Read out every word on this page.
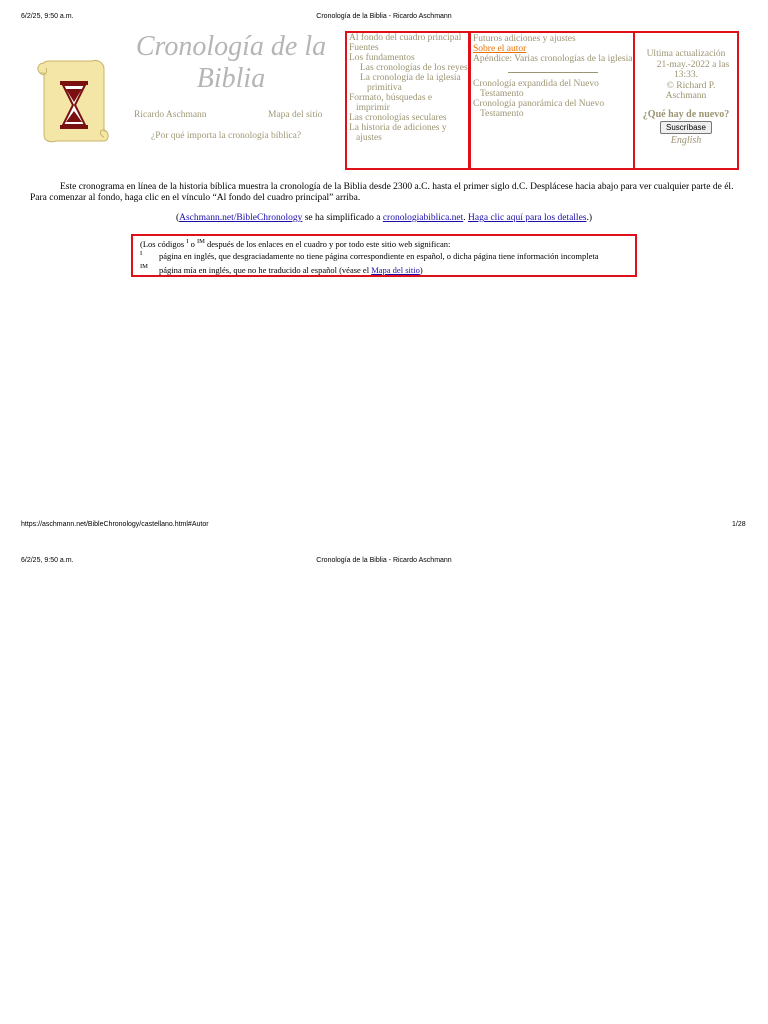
6/2/25, 9:50 a.m.	Cronología de la Biblia - Ricardo Aschmann
Cronología de la
Biblia
Ricardo Aschmann	Mapa del sitio
¿Por qué importa la cronología bíblica?
Al fondo del cuadro principal
Fuentes
Los fundamentos
Las cronologías de los reyes
La cronología de la iglesia primitiva
Formato, búsquedas e imprimir
Las cronologías seculares
La historia de adiciones y ajustes
Futuros adiciones y ajustes
Sobre el autor
Apéndice: Varias cronologías de la iglesia
Cronología expandida del Nuevo Testamento
Cronología panorámica del Nuevo Testamento
Ultima actualización
21-may.-2022 a las
13:33.
© Richard P.
Aschmann
¿Qué hay de nuevo?
Suscríbase
English
Este cronograma en línea de la historia bíblica muestra la cronología de la Biblia desde 2300 a.C. hasta el primer siglo d.C. Desplácese hacia abajo para ver cualquier parte de él. Para comenzar al fondo, haga clic en el vínculo “Al fondo del cuadro principal” arriba.
(Aschmann.net/BibleChronology se ha simplificado a cronologiabiblica.net. Haga clic aquí para los detalles.)
(Los códigos $^I$ o $^{IM}$ después de los enlaces en el cuadro y por todo este sitio web significan:
I página en inglés, que desgraciadamente no tiene página correspondiente en español, o dicha página tiene información incompleta
IM página mía en inglés, que no he traducido al español (véase el Mapa del sitio)
https://aschmann.net/BibleChronology/castellano.html#Autor	1/28
6/2/25, 9:50 a.m.	Cronología de la Biblia - Ricardo Aschmann
